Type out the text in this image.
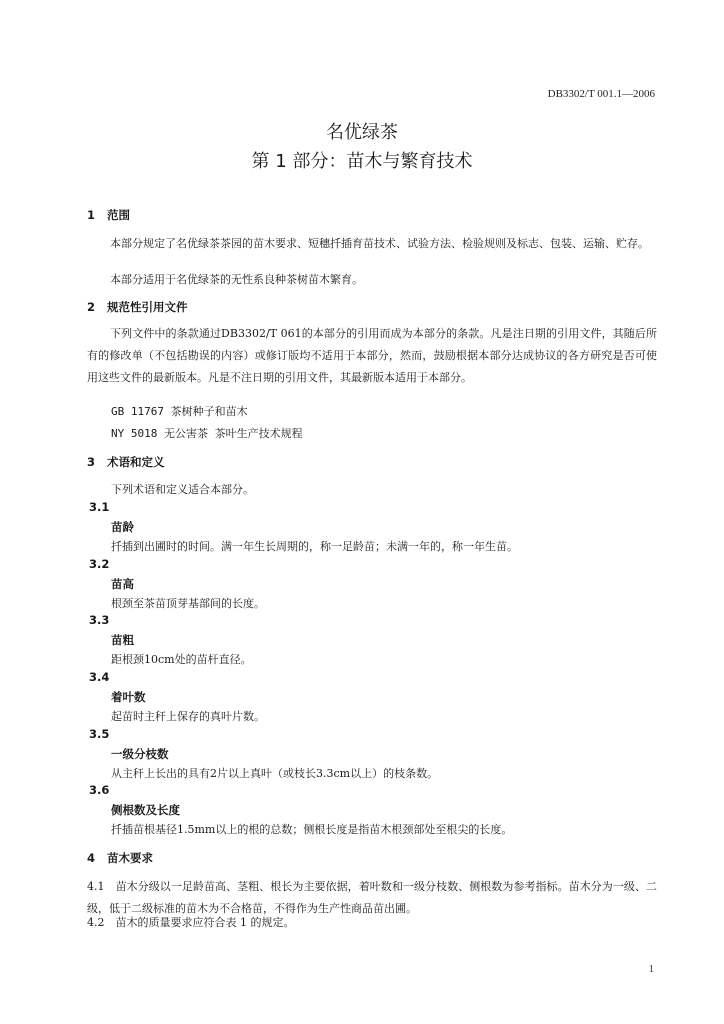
DB3302/T 001.1—2006
名优绿茶
第 1 部分：苗木与繁育技术
1 范围
本部分规定了名优绿茶茶园的苗木要求、短穗扦插育苗技术、试验方法、检验规则及标志、包装、运输、贮存。
本部分适用于名优绿茶的无性系良种茶树苗木繁育。
2 规范性引用文件
下列文件中的条款通过DB3302/T 061的本部分的引用而成为本部分的条款。凡是注日期的引用文件，其随后所有的修改单（不包括勘误的内容）或修订版均不适用于本部分，然而，鼓励根据本部分达成协议的各方研究是否可使用这些文件的最新版本。凡是不注日期的引用文件，其最新版本适用于本部分。
GB 11767 茶树种子和苗木
NY 5018 无公害茶 茶叶生产技术规程
3 术语和定义
下列术语和定义适合本部分。
3.1
苗龄
扦插到出圃时的时间。满一年生长周期的，称一足龄苗；未满一年的，称一年生苗。
3.2
苗高
根颈至茶苗顶芽基部间的长度。
3.3
苗粗
距根颈10cm处的苗杆直径。
3.4
着叶数
起苗时主秆上保存的真叶片数。
3.5
一级分枝数
从主秆上长出的具有2片以上真叶（或枝长3.3cm以上）的枝条数。
3.6
侧根数及长度
扦插苗根基径1.5mm以上的根的总数；侧根长度是指苗木根颈部处至根尖的长度。
4 苗木要求
4.1　苗木分级以一足龄苗高、茎粗、根长为主要依据，着叶数和一级分枝数、侧根数为参考指标。苗木分为一级、二级，低于二级标准的苗木为不合格苗，不得作为生产性商品苗出圃。
4.2　苗木的质量要求应符合表 1 的规定。
1
